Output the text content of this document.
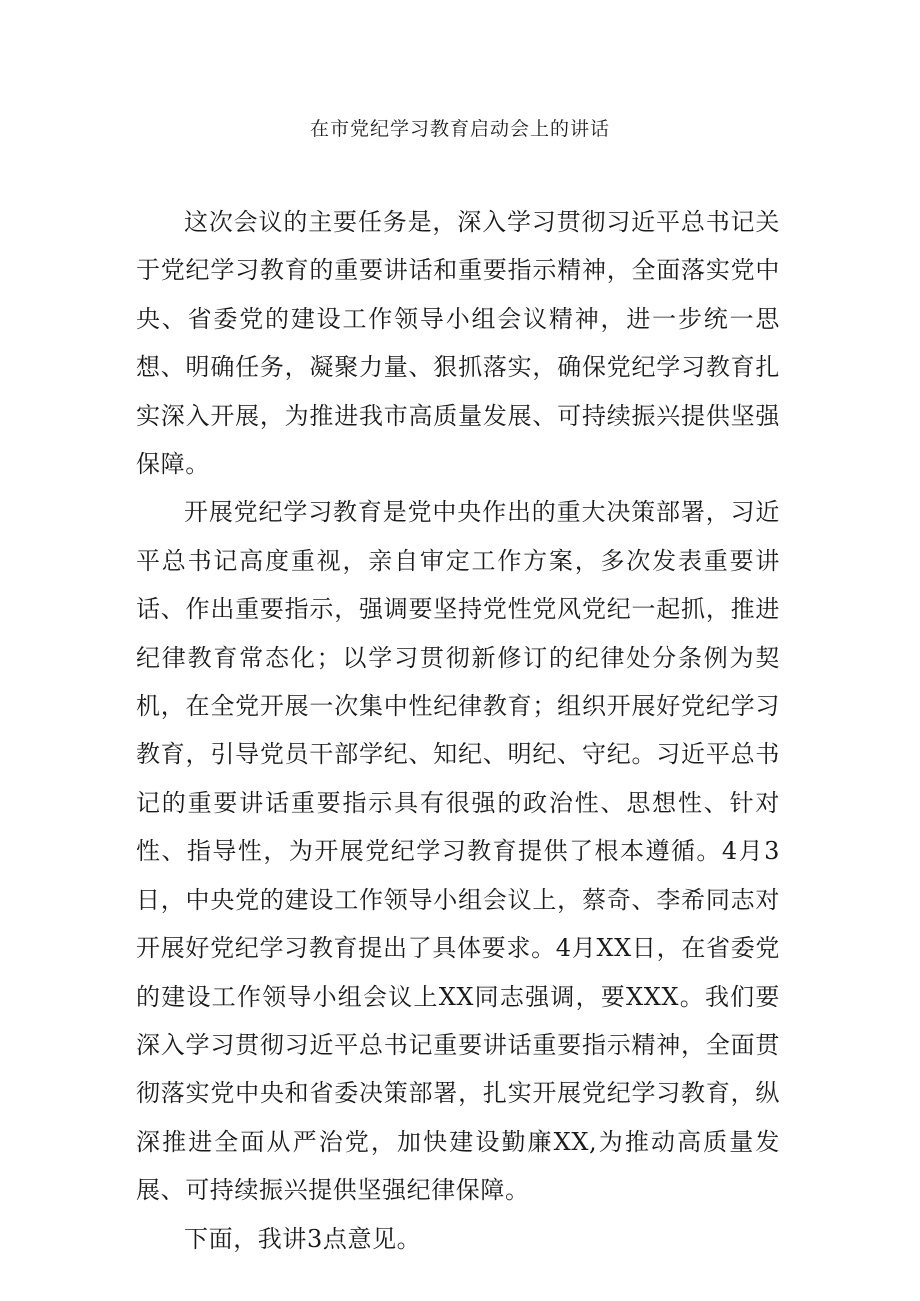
在市党纪学习教育启动会上的讲话

这次会议的主要任务是，深入学习贯彻习近平总书记关于党纪学习教育的重要讲话和重要指示精神，全面落实党中央、省委党的建设工作领导小组会议精神，进一步统一思想、明确任务，凝聚力量、狠抓落实，确保党纪学习教育扎实深入开展，为推进我市高质量发展、可持续振兴提供坚强保障。

开展党纪学习教育是党中央作出的重大决策部署，习近平总书记高度重视，亲自审定工作方案，多次发表重要讲话、作出重要指示，强调要坚持党性党风党纪一起抓，推进纪律教育常态化；以学习贯彻新修订的纪律处分条例为契机，在全党开展一次集中性纪律教育；组织开展好党纪学习教育，引导党员干部学纪、知纪、明纪、守纪。习近平总书记的重要讲话重要指示具有很强的政治性、思想性、针对性、指导性，为开展党纪学习教育提供了根本遵循。4月3日，中央党的建设工作领导小组会议上，蔡奇、李希同志对开展好党纪学习教育提出了具体要求。4月XX日，在省委党的建设工作领导小组会议上XX同志强调，要XXX。我们要深入学习贯彻习近平总书记重要讲话重要指示精神，全面贯彻落实党中央和省委决策部署，扎实开展党纪学习教育，纵深推进全面从严治党，加快建设勤廉XX,为推动高质量发展、可持续振兴提供坚强纪律保障。

下面，我讲3点意见。
